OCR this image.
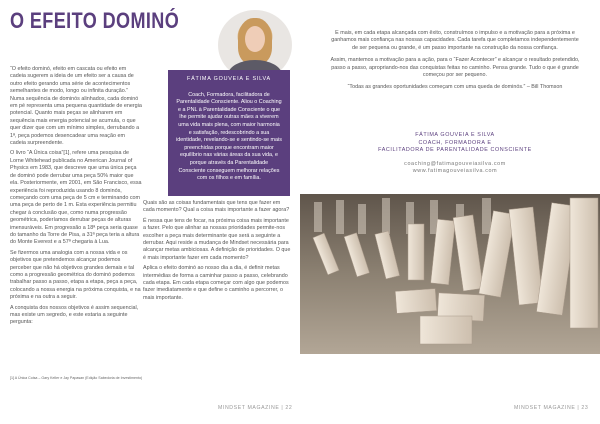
O EFEITO DOMINÓ

“O efeito dominó, efeito em cascata ou efeito em cadeia sugerem a ideia de um efeito ser a causa de outro efeito gerando uma série de acontecimentos semelhantes de modo, longo ou infinita duração.” Numa sequência de dominós alinhados, cada dominó em pé representa uma pequena quantidade de energia potencial. Quanto mais peças se alinharem em sequência mais energia potencial se acumula, o que quer dizer que com um mínimo simples, derrubando a 1ª, peça podemos desencadear uma reação em cadeia surpreendente.

O livro “A Única coisa”[1], refere uma pesquisa de Lorne Whitehead publicada no American Journal of Physics em 1983, que descreve que uma única peça de dominó pode derrubar uma peça 50% maior que ela. Posteriormente, em 2001, em São Francisco, essa experiência foi reproduzida usando 8 dominós, começando com uma peça de 5 cm e terminando com uma peça de perto de 1 m. Esta experiência permitiu chegar à conclusão que, como numa progressão geométrica, poderíamos derrubar peças de alturas imensuráveis. Em progressão a 18ª peça seria quase do tamanho da Torre de Pisa, a 31ª peça teria a altura do Monte Everest e a 57ª chegaria à Lua.

Se fizermos uma analogia com a nossa vida e os objetivos que pretendemos alcançar podemos perceber que não há objetivos grandes demais e tal como a progressão geométrica do dominó podemos trabalhar passo a passo, etapa a etapa, peça a peça, colocando a nossa energia na próxima conquista, e na próxima e na outra a seguir.

A conquista dos nossos objetivos é assim sequencial, mas existe um segredo, e este estaria a seguinte pergunta:

FÁTIMA GOUVEIA E SILVA
Coach, Formadora, facilitadora de Parentalidade Consciente. Aliou o Coaching e a PNL à Parentalidade Consciente o que lhe permite ajudar outras mães a viverem uma vida mais plena, com maior harmonia e satisfação, redescobrindo a sua identidade, revelando-se e sentindo-se mais preenchidas porque encontram maior equilíbrio nas várias áreas da sua vida, e porque através da Parentalidade Consciente conseguem melhorar relações com os filhos e em família.

Quais são as coisas fundamentais que tens que fazer em cada momento? Qual a coisa mais importante a fazer agora?

É nessa que tens de focar, na próxima coisa mais importante a fazer. Pelo que alinhar as nossas prioridades permite-nos escolher a peça mais determinante que será a seguinte a derrubar. Aqui reside a mudança de Mindset necessária para alcançar metas ambiciosas. A definição de prioridades. O que é mais importante fazer em cada momento?

Aplica o efeito dominó ao nosso dia a dia, é definir metas intermédias de forma a caminhar passo a passo, celebrando cada etapa. Em cada etapa começar com algo que podemos fazer imediatamente e que define o caminho a percorrer, o mais importante.

[1] A Única Coisa – Gary Keller e Jay Papasan (Edição Sabedoria de Investimento)
MINDSET MAGAZINE | 22

E mais, em cada etapa alcançada com êxito, construímos o impulso e a motivação para a próxima e ganhamos mais confiança nas nossas capacidades. Cada tarefa que completamos independentemente de ser pequena ou grande, é um passo importante na construção da nossa confiança.

Assim, mantemos a motivação para a ação, para o “Fazer Acontecer” e alcançar o resultado pretendido, passo a passo, apropriando-nos das conquistas feitas no caminho. Pensa grande. Tudo o que é grande começou por ser pequeno.

“Todas as grandes oportunidades começam com uma queda de dominós.” – Bill Thomson

FÁTIMA GOUVEIA E SILVA
COACH, FORMADORA E
FACILITADORA DE PARENTALIDADE CONSCIENTE
coaching@fatimagouveiasilva.com
www.fatimagouveiasilva.com
MINDSET MAGAZINE | 23
